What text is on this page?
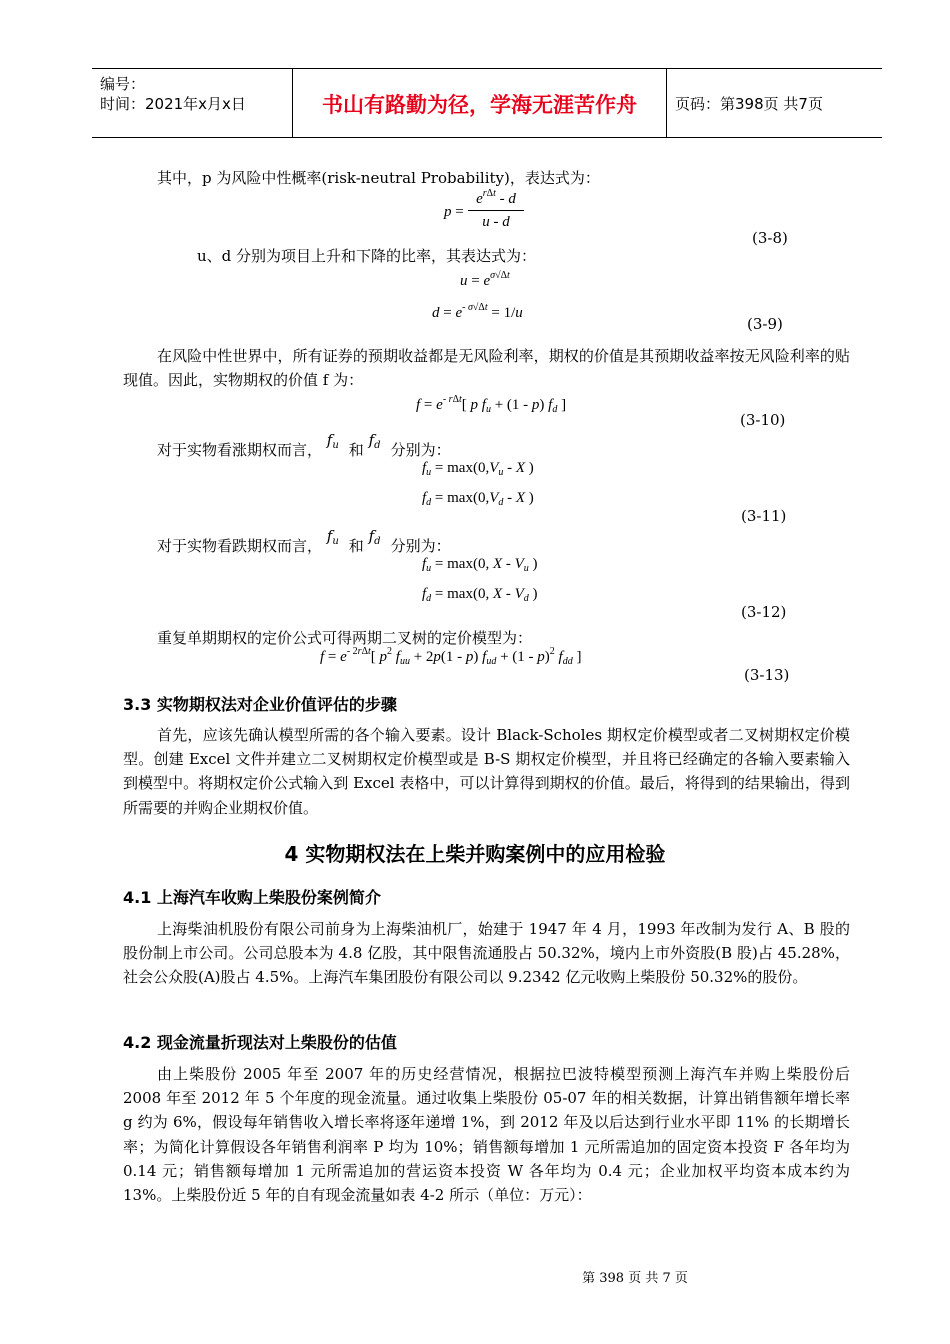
编号：
时间：2021年x月x日	书山有路勤为径，学海无涯苦作舟	页码：第398页 共7页
其中，p 为风险中性概率(risk-neutral Probability)，表达式为：
p =
$e^{r\Delta t}$ - d
u - d
(3-8)
u、d 分别为项目上升和下降的比率，其表达式为：
$u = e^{\sigma√\Delta t}$
$d = e^{- \sigma√\Delta t} = 1/u$
(3-9)
在风险中性世界中，所有证券的预期收益都是无风险利率，期权的价值是其预期收益率按无风险利率的贴现值。因此，实物期权的价值 f 为：
$f = e^{- r\Delta t}$[ p $f_u + (1 - p)$ $f_d$ ]
(3-10)
对于实物看涨期权而言， $f_u$ 和 $f_d$ 分别为：
$f_u = \max(0,V_u - X$ )
$f_d = \max(0,V_d - X$ )
(3-11)
对于实物看跌期权而言， $f_u$ 和 $f_d$ 分别为：
$f_u = \max(0$, X - $V_u$ )
$f_d = \max(0$, X - $V_d$ )
(3-12)
重复单期期权的定价公式可得两期二叉树的定价模型为：
$f = e^{- 2r\Delta t}$[ $p^2$ $f_{uu} + 2p(1 - p) f_{ud} + (1 - p)^2$ $f_{dd}$ ]
(3-13)
3.3 实物期权法对企业价值评估的步骤
首先，应该先确认模型所需的各个输入要素。设计 Black-Scholes 期权定价模型或者二叉树期权定价模型。创建 Excel 文件并建立二叉树期权定价模型或是 B-S 期权定价模型，并且将已经确定的各输入要素输入到模型中。将期权定价公式输入到 Excel 表格中，可以计算得到期权的价值。最后，将得到的结果输出，得到所需要的并购企业期权价值。
4 实物期权法在上柴并购案例中的应用检验
4.1 上海汽车收购上柴股份案例简介
上海柴油机股份有限公司前身为上海柴油机厂，始建于 1947 年 4 月，1993 年改制为发行 A、B 股的股份制上市公司。公司总股本为 4.8 亿股，其中限售流通股占 50.32%，境内上市外资股(B 股)占 45.28%，社会公众股(A)股占 4.5%。上海汽车集团股份有限公司以 9.2342 亿元收购上柴股份 50.32%的股份。
4.2 现金流量折现法对上柴股份的估值
由上柴股份 2005 年至 2007 年的历史经营情况，根据拉巴波特模型预测上海汽车并购上柴股份后 2008 年至 2012 年 5 个年度的现金流量。通过收集上柴股份 05-07 年的相关数据，计算出销售额年增长率 g 约为 6%，假设每年销售收入增长率将逐年递增 1%，到 2012 年及以后达到行业水平即 11% 的长期增长率；为简化计算假设各年销售利润率 P 均为 10%；销售额每增加 1 元所需追加的固定资本投资 F 各年均为 0.14 元；销售额每增加 1 元所需追加的营运资本投资 W 各年均为 0.4 元；企业加权平均资本成本约为 13%。上柴股份近 5 年的自有现金流量如表 4-2 所示（单位：万元）：
第 398 页 共 7 页
